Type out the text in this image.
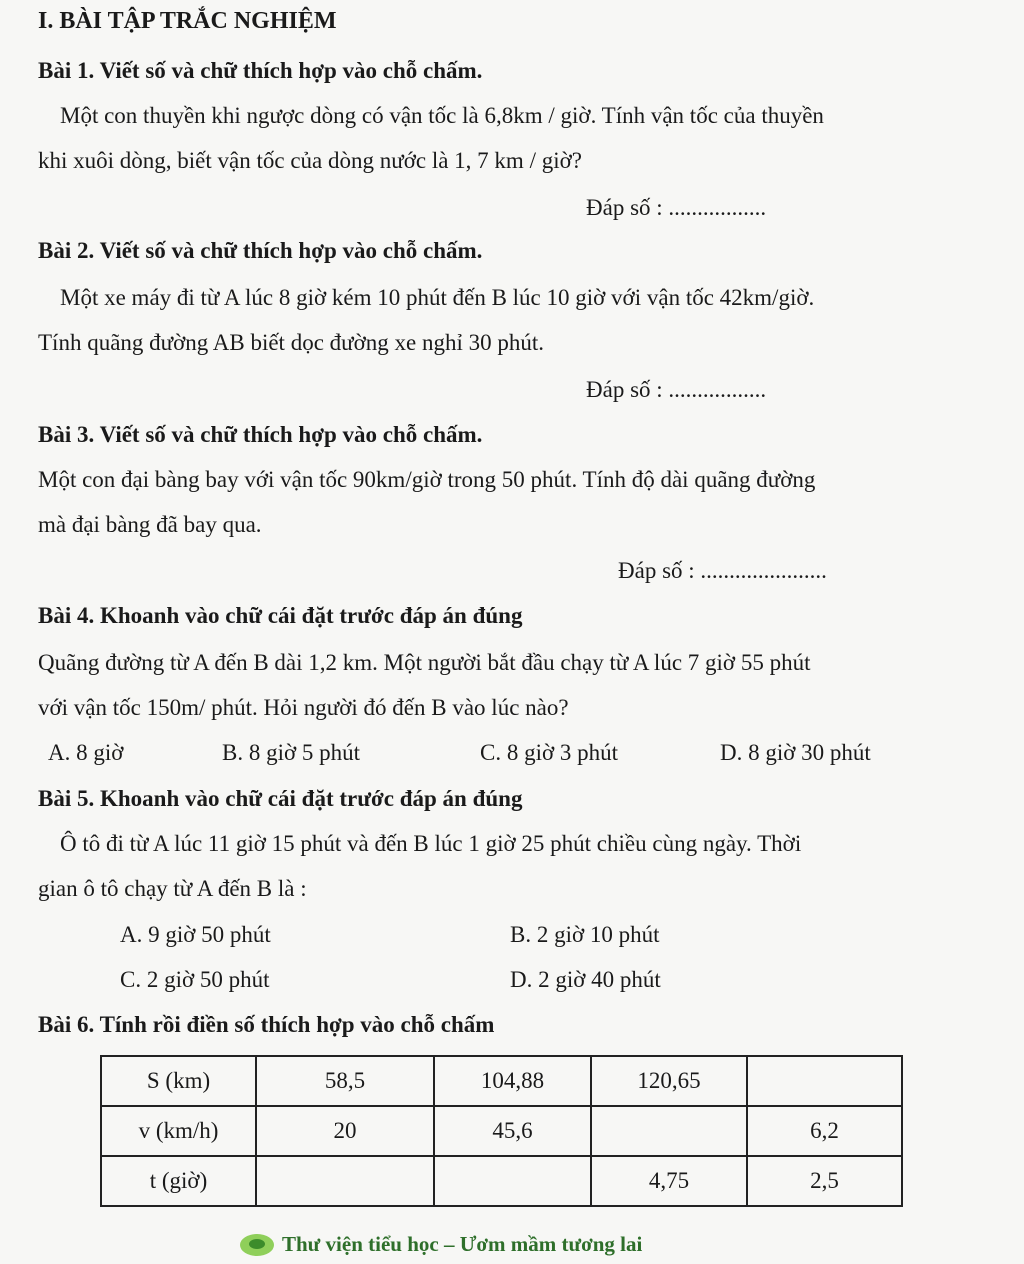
I. BÀI TẬP TRẮC NGHIỆM
Bài 1. Viết số và chữ thích hợp vào chỗ chấm.
Một con thuyền khi ngược dòng có vận tốc là 6,8km / giờ. Tính vận tốc của thuyền
khi xuôi dòng, biết vận tốc của dòng nước là 1, 7 km / giờ?
Đáp số : .................
Bài 2. Viết số và chữ thích hợp vào chỗ chấm.
Một xe máy đi từ A lúc 8 giờ kém 10 phút đến B lúc 10 giờ với vận tốc 42km/giờ.
Tính quãng đường AB biết dọc đường xe nghỉ 30 phút.
Đáp số : .................
Bài 3. Viết số và chữ thích hợp vào chỗ chấm.
Một con đại bàng bay với vận tốc 90km/giờ trong 50 phút. Tính độ dài quãng đường
mà đại bàng đã bay qua.
Đáp số : ......................
Bài 4. Khoanh vào chữ cái đặt trước đáp án đúng
Quãng đường từ A đến B dài 1,2 km. Một người bắt đầu chạy từ A lúc 7 giờ 55 phút
với vận tốc 150m/ phút. Hỏi người đó đến B vào lúc nào?
A. 8 giờ	B. 8 giờ 5 phút	C. 8 giờ 3 phút	D. 8 giờ 30 phút
Bài 5. Khoanh vào chữ cái đặt trước đáp án đúng
Ô tô đi từ A lúc 11 giờ 15 phút và đến B lúc 1 giờ 25 phút chiều cùng ngày. Thời
gian ô tô chạy từ A đến B là :
A. 9 giờ 50 phút	B. 2 giờ 10 phút
C. 2 giờ 50 phút	D. 2 giờ 40 phút
Bài 6. Tính rồi điền số thích hợp vào chỗ chấm
S (km)	58,5	104,88	120,65	
v (km/h)	20	45,6		6,2
t (giờ)			4,75	2,5
Thư viện tiểu học – Ươm mầm tương lai
